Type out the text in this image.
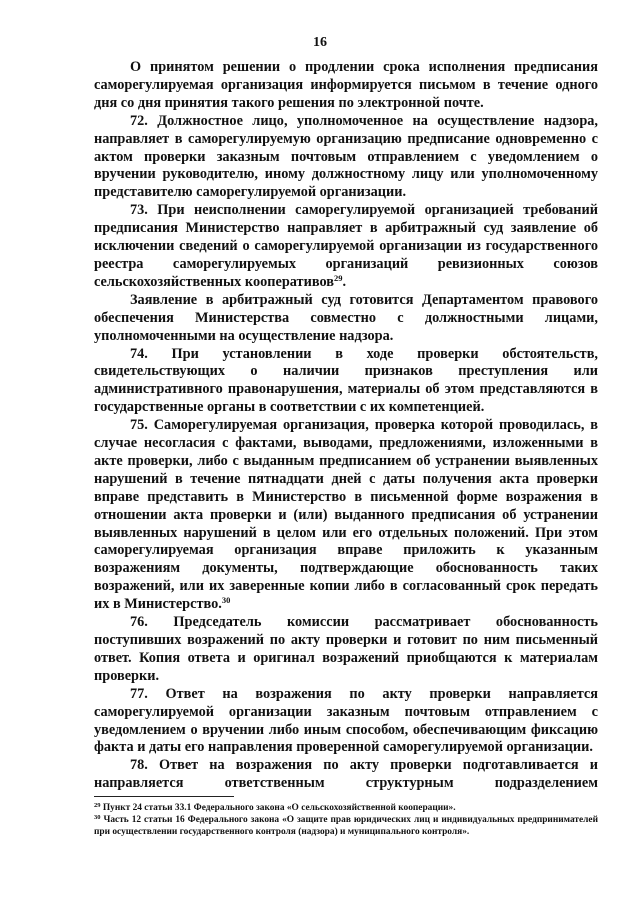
16

О принятом решении о продлении срока исполнения предписания саморегулируемая организация информируется письмом в течение одного дня со дня принятия такого решения по электронной почте.

72. Должностное лицо, уполномоченное на осуществление надзора, направляет в саморегулируемую организацию предписание одновременно с актом проверки заказным почтовым отправлением с уведомлением о вручении руководителю, иному должностному лицу или уполномоченному представителю саморегулируемой организации.

73. При неисполнении саморегулируемой организацией требований предписания Министерство направляет в арбитражный суд заявление об исключении сведений о саморегулируемой организации из государственного реестра саморегулируемых организаций ревизионных союзов сельскохозяйственных кооперативов$^{29}$.

Заявление в арбитражный суд готовится Департаментом правового обеспечения Министерства совместно с должностными лицами, уполномоченными на осуществление надзора.

74. При установлении в ходе проверки обстоятельств, свидетельствующих о наличии признаков преступления или административного правонарушения, материалы об этом представляются в государственные органы в соответствии с их компетенцией.

75. Саморегулируемая организация, проверка которой проводилась, в случае несогласия с фактами, выводами, предложениями, изложенными в акте проверки, либо с выданным предписанием об устранении выявленных нарушений в течение пятнадцати дней с даты получения акта проверки вправе представить в Министерство в письменной форме возражения в отношении акта проверки и (или) выданного предписания об устранении выявленных нарушений в целом или его отдельных положений. При этом саморегулируемая организация вправе приложить к указанным возражениям документы, подтверждающие обоснованность таких возражений, или их заверенные копии либо в согласованный срок передать их в Министерство.$^{30}$

76. Председатель комиссии рассматривает обоснованность поступивших возражений по акту проверки и готовит по ним письменный ответ. Копия ответа и оригинал возражений приобщаются к материалам проверки.

77. Ответ на возражения по акту проверки направляется саморегулируемой организации заказным почтовым отправлением с уведомлением о вручении либо иным способом, обеспечивающим фиксацию факта и даты его направления проверенной саморегулируемой организации.

78. Ответ на возражения по акту проверки подготавливается и направляется ответственным структурным подразделением

$^{29}$ Пункт 24 статьи 33.1 Федерального закона «О сельскохозяйственной кооперации».

$^{30}$ Часть 12 статьи 16 Федерального закона «О защите прав юридических лиц и индивидуальных предпринимателей при осуществлении государственного контроля (надзора) и муниципального контроля».
